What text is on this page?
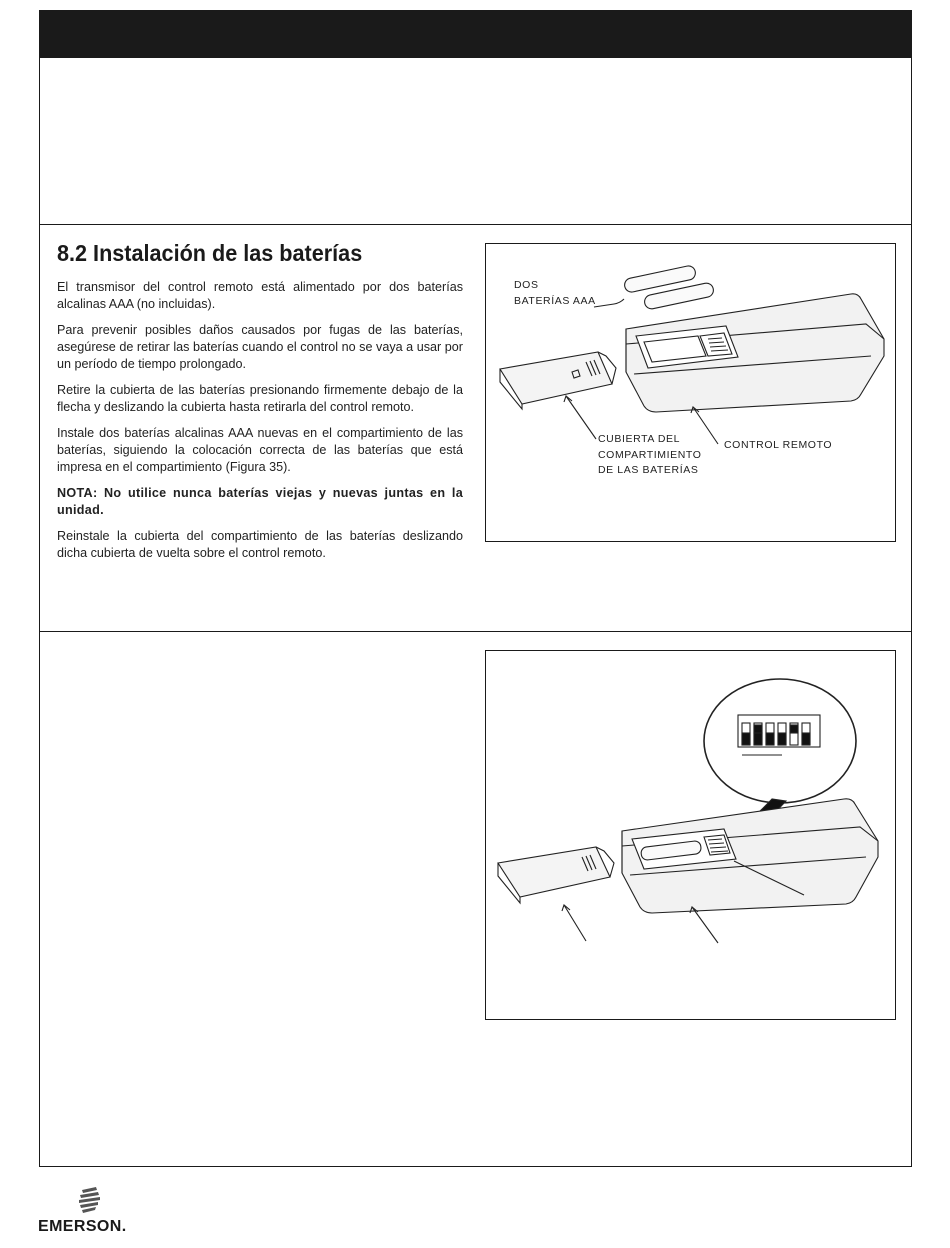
8.2 Instalación de las baterías

El transmisor del control remoto está alimentado por dos baterías alcalinas AAA (no incluidas).

Para prevenir posibles daños causados por fugas de las baterías, asegúrese de retirar las baterías cuando el control no se vaya a usar por un período de tiempo prolongado.

Retire la cubierta de las baterías presionando firmemente debajo de la flecha y deslizando la cubierta hasta retirarla del control remoto.

Instale dos baterías alcalinas AAA nuevas en el compartimiento de las baterías, siguiendo la colocación correcta de las baterías que está impresa en el compartimiento (Figura 35).

NOTA: No utilice nunca baterías viejas y nuevas juntas en la unidad.

Reinstale la cubierta del compartimiento de las baterías deslizando dicha cubierta de vuelta sobre el control remoto.

DOS
BATERÍAS AAA
CUBIERTA DEL
COMPARTIMIENTO
DE LAS BATERÍAS
CONTROL REMOTO
EMERSON.
